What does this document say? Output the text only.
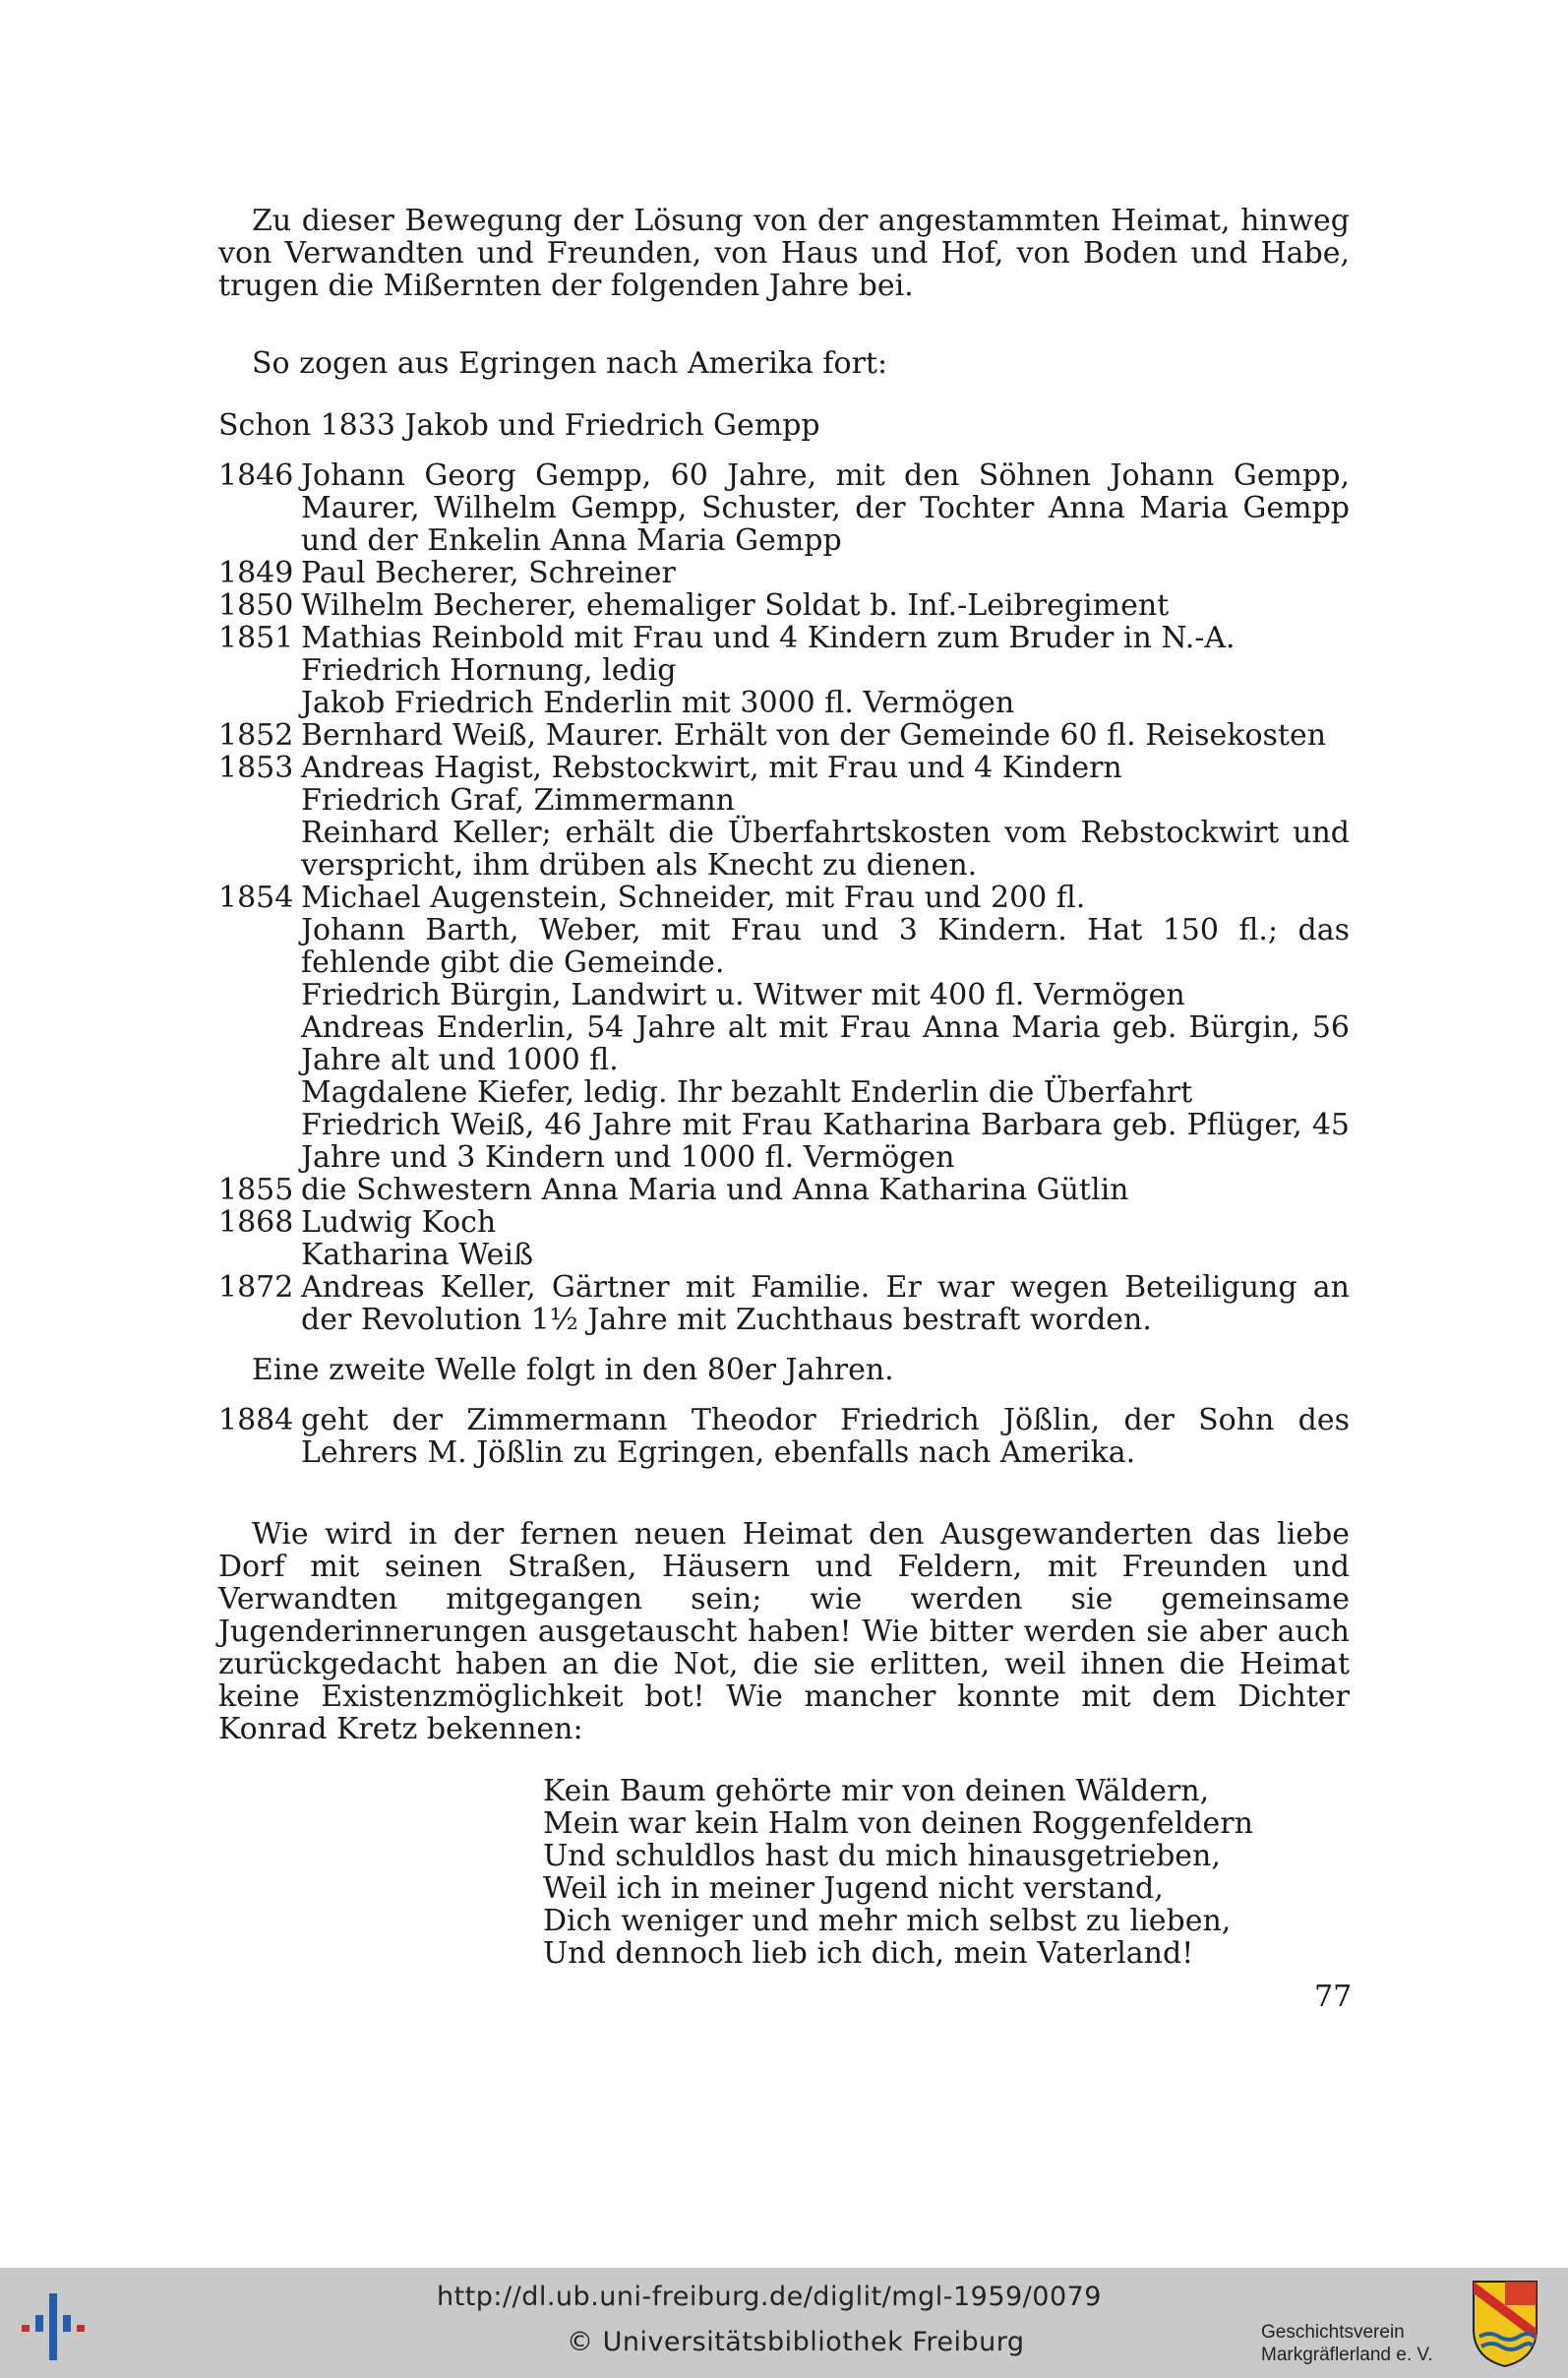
Zu dieser Bewegung der Lösung von der angestammten Heimat, hinweg von Verwandten und Freunden, von Haus und Hof, von Boden und Habe, trugen die Mißernten der folgenden Jahre bei.

So zogen aus Egringen nach Amerika fort:

Schon 1833 Jakob und Friedrich Gempp

1846 Johann Georg Gempp, 60 Jahre, mit den Söhnen Johann Gempp, Maurer, Wilhelm Gempp, Schuster, der Tochter Anna Maria Gempp und der Enkelin Anna Maria Gempp

1849 Paul Becherer, Schreiner

1850 Wilhelm Becherer, ehemaliger Soldat b. Inf.-Leibregiment

1851 Mathias Reinbold mit Frau und 4 Kindern zum Bruder in N.-A.

Friedrich Hornung, ledig

Jakob Friedrich Enderlin mit 3000 fl. Vermögen

1852 Bernhard Weiß, Maurer. Erhält von der Gemeinde 60 fl. Reisekosten

1853 Andreas Hagist, Rebstockwirt, mit Frau und 4 Kindern

Friedrich Graf, Zimmermann

Reinhard Keller; erhält die Überfahrtskosten vom Rebstockwirt und verspricht, ihm drüben als Knecht zu dienen.

1854 Michael Augenstein, Schneider, mit Frau und 200 fl.

Johann Barth, Weber, mit Frau und 3 Kindern. Hat 150 fl.; das fehlende gibt die Gemeinde.

Friedrich Bürgin, Landwirt u. Witwer mit 400 fl. Vermögen

Andreas Enderlin, 54 Jahre alt mit Frau Anna Maria geb. Bürgin, 56 Jahre alt und 1000 fl.

Magdalene Kiefer, ledig. Ihr bezahlt Enderlin die Überfahrt

Friedrich Weiß, 46 Jahre mit Frau Katharina Barbara geb. Pflüger, 45 Jahre und 3 Kindern und 1000 fl. Vermögen

1855 die Schwestern Anna Maria und Anna Katharina Gütlin

1868 Ludwig Koch

Katharina Weiß

1872 Andreas Keller, Gärtner mit Familie. Er war wegen Beteiligung an der Revolution 1½ Jahre mit Zuchthaus bestraft worden.

Eine zweite Welle folgt in den 80er Jahren.

1884 geht der Zimmermann Theodor Friedrich Jößlin, der Sohn des Lehrers M. Jößlin zu Egringen, ebenfalls nach Amerika.

Wie wird in der fernen neuen Heimat den Ausgewanderten das liebe Dorf mit seinen Straßen, Häusern und Feldern, mit Freunden und Verwandten mitgegangen sein; wie werden sie gemeinsame Jugenderinnerungen ausgetauscht haben! Wie bitter werden sie aber auch zurückgedacht haben an die Not, die sie erlitten, weil ihnen die Heimat keine Existenzmöglichkeit bot! Wie mancher konnte mit dem Dichter Konrad Kretz bekennen:

Kein Baum gehörte mir von deinen Wäldern,

Mein war kein Halm von deinen Roggenfeldern

Und schuldlos hast du mich hinausgetrieben,

Weil ich in meiner Jugend nicht verstand,

Dich weniger und mehr mich selbst zu lieben,

Und dennoch lieb ich dich, mein Vaterland!

77
http://dl.ub.uni-freiburg.de/diglit/mgl-1959/0079
© Universitätsbibliothek Freiburg	Geschichtsverein
Markgräflerland e. V.
